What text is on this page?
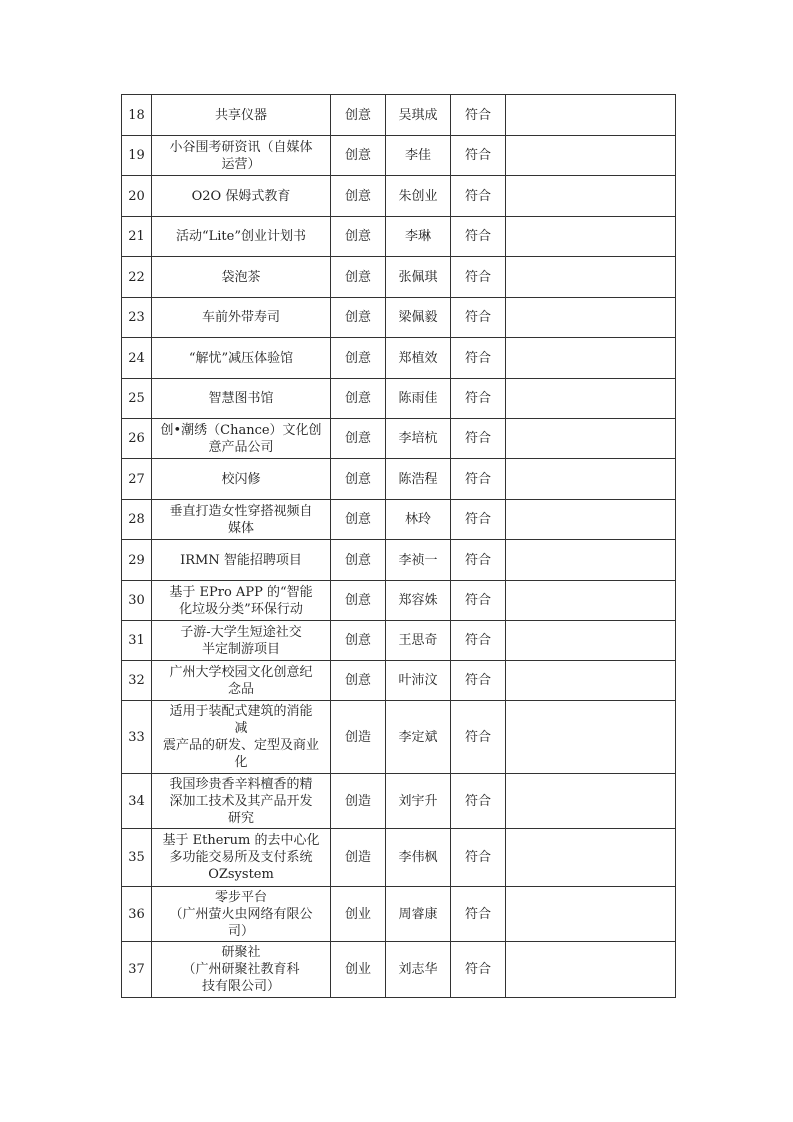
18	共享仪器	创意	吴琪成	符合	
19	小谷围考研资讯（自媒体
运营）	创意	李佳	符合	
20	O2O 保姆式教育	创意	朱创业	符合	
21	活动“Lite”创业计划书	创意	李琳	符合	
22	袋泡茶	创意	张佩琪	符合	
23	车前外带寿司	创意	梁佩毅	符合	
24	“解忧”减压体验馆	创意	郑植效	符合	
25	智慧图书馆	创意	陈雨佳	符合	
26	创•潮绣（Chance）文化创
意产品公司	创意	李培杭	符合	
27	校闪修	创意	陈浩程	符合	
28	垂直打造女性穿搭视频自
媒体	创意	林玲	符合	
29	IRMN 智能招聘项目	创意	李祯一	符合	
30	基于 EPro APP 的“智能
化垃圾分类”环保行动	创意	郑容姝	符合	
31	子游-大学生短途社交
半定制游项目	创意	王思奇	符合	
32	广州大学校园文化创意纪
念品	创意	叶沛汶	符合	
33	适用于装配式建筑的消能
减
震产品的研发、定型及商业
化	创造	李定斌	符合	
34	我国珍贵香辛料檀香的精
深加工技术及其产品开发
研究	创造	刘宇升	符合	
35	基于 Etherum 的去中心化
多功能交易所及支付系统
OZsystem	创造	李伟枫	符合	
36	零步平台
（广州萤火虫网络有限公
司）	创业	周睿康	符合	
37	研聚社
（广州研聚社教育科
技有限公司）	创业	刘志华	符合	
